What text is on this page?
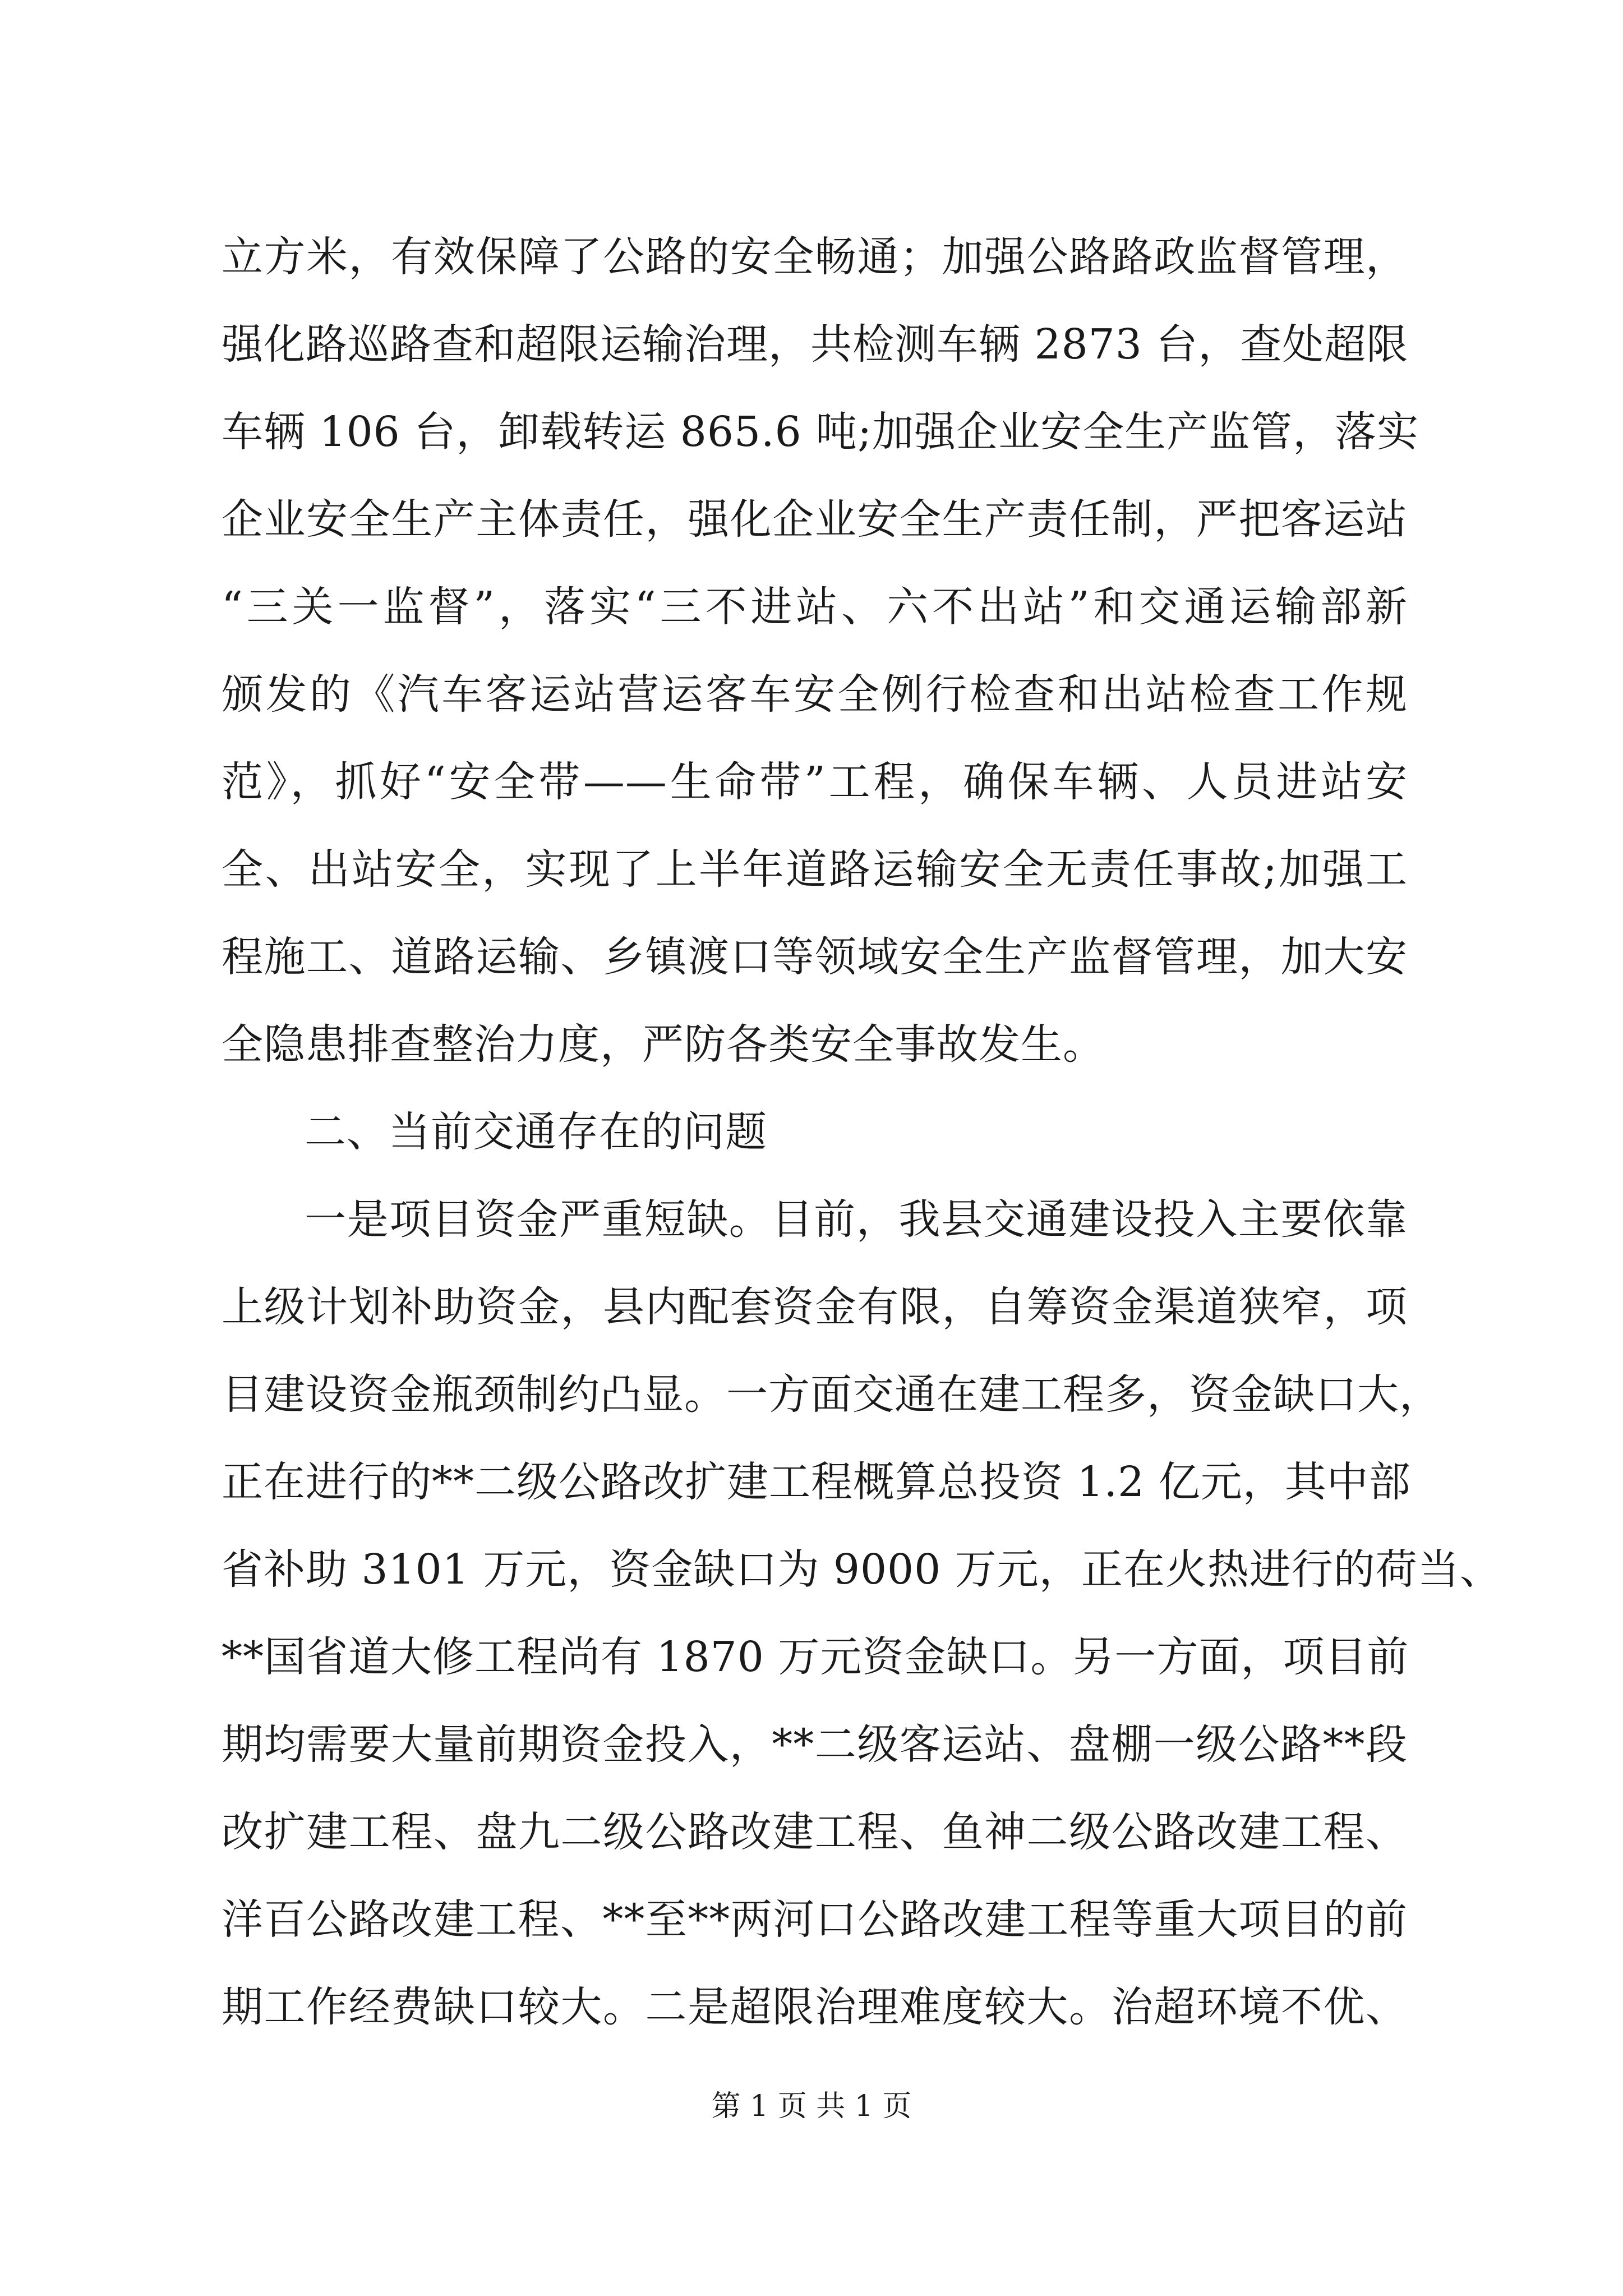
立方米，有效保障了公路的安全畅通；加强公路路政监督管理，
强化路巡路查和超限运输治理，共检测车辆 2873 台，查处超限
车辆 106 台，卸载转运 865.6 吨;加强企业安全生产监管，落实
企业安全生产主体责任，强化企业安全生产责任制，严把客运站
“三关一监督”，落实“三不进站、六不出站”和交通运输部新
颁发的《汽车客运站营运客车安全例行检查和出站检查工作规
范》，抓好“安全带——生命带”工程，确保车辆、人员进站安
全、出站安全，实现了上半年道路运输安全无责任事故;加强工
程施工、道路运输、乡镇渡口等领域安全生产监督管理，加大安
全隐患排查整治力度，严防各类安全事故发生。
二、当前交通存在的问题
一是项目资金严重短缺。目前，我县交通建设投入主要依靠
上级计划补助资金，县内配套资金有限，自筹资金渠道狭窄，项
目建设资金瓶颈制约凸显。一方面交通在建工程多，资金缺口大，
正在进行的**二级公路改扩建工程概算总投资 1.2 亿元，其中部
省补助 3101 万元，资金缺口为 9000 万元，正在火热进行的荷当、
**国省道大修工程尚有 1870 万元资金缺口。另一方面，项目前
期均需要大量前期资金投入，**二级客运站、盘棚一级公路**段
改扩建工程、盘九二级公路改建工程、鱼神二级公路改建工程、
洋百公路改建工程、**至**两河口公路改建工程等重大项目的前
期工作经费缺口较大。二是超限治理难度较大。治超环境不优、
第 1 页 共 1 页
